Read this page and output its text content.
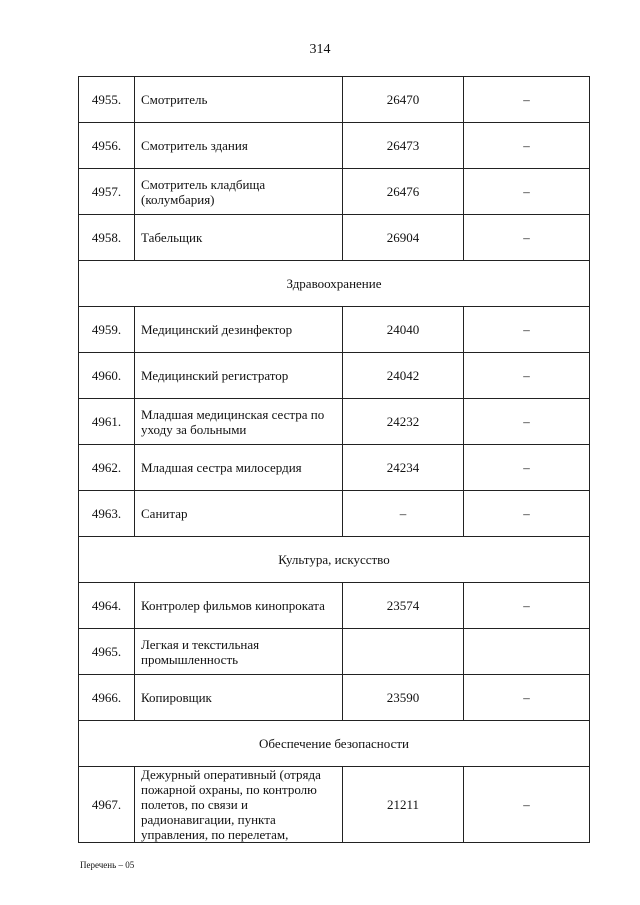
314
4955.	Смотритель	26470	–
4956.	Смотритель здания	26473	–
4957.	Смотритель кладбища (колумбария)	26476	–
4958.	Табельщик	26904	–
Здравоохранение			
4959.	Медицинский дезинфектор	24040	–
4960.	Медицинский регистратор	24042	–
4961.	Младшая медицинская сестра по уходу за больными	24232	–
4962.	Младшая сестра милосердия	24234	–
4963.	Санитар	–	–
Культура, искусство			
4964.	Контролер фильмов кинопроката	23574	–
4965.	Легкая и текстильная промышленность		
4966.	Копировщик	23590	–
Обеспечение безопасности			
4967.	Дежурный оперативный (отряда пожарной охраны, по контролю полетов, по связи и радионавигации, пункта управления, по перелетам,	21211	–
Перечень – 05
